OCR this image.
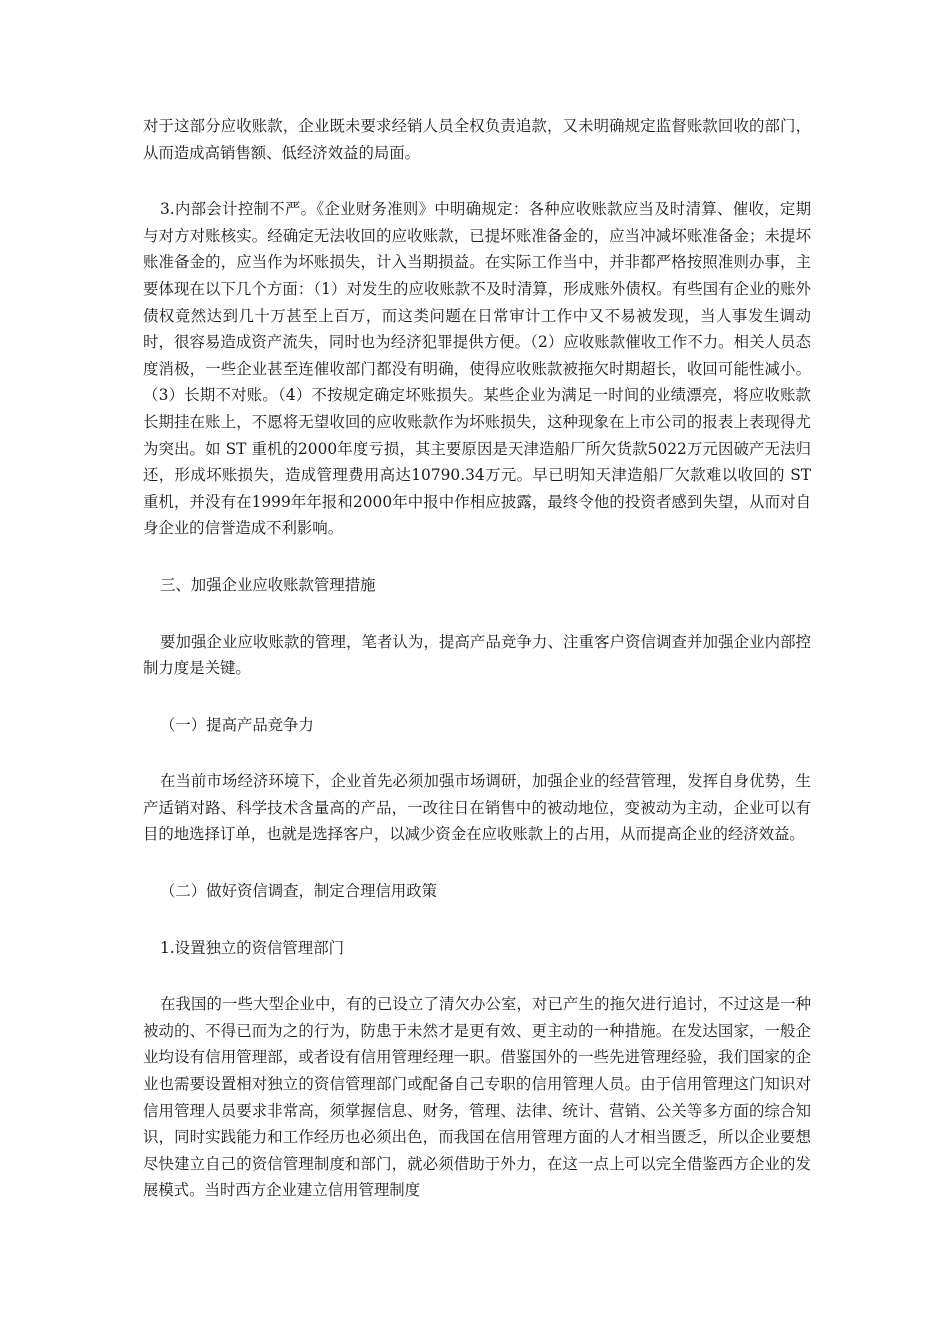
对于这部分应收账款，企业既未要求经销人员全权负责追款，又未明确规定监督账款回收的部门，从而造成高销售额、低经济效益的局面。

3.内部会计控制不严。《企业财务准则》中明确规定：各种应收账款应当及时清算、催收，定期与对方对账核实。经确定无法收回的应收账款，已提坏账准备金的，应当冲减坏账准备金；未提坏账准备金的，应当作为坏账损失，计入当期损益。在实际工作当中，并非都严格按照准则办事，主要体现在以下几个方面：（1）对发生的应收账款不及时清算，形成账外债权。有些国有企业的账外债权竟然达到几十万甚至上百万，而这类问题在日常审计工作中又不易被发现，当人事发生调动时，很容易造成资产流失，同时也为经济犯罪提供方便。（2）应收账款催收工作不力。相关人员态度消极，一些企业甚至连催收部门都没有明确，使得应收账款被拖欠时期超长，收回可能性减小。（3）长期不对账。（4）不按规定确定坏账损失。某些企业为满足一时间的业绩漂亮，将应收账款长期挂在账上，不愿将无望收回的应收账款作为坏账损失，这种现象在上市公司的报表上表现得尤为突出。如 ST 重机的2000年度亏损，其主要原因是天津造船厂所欠货款5022万元因破产无法归还，形成坏账损失，造成管理费用高达10790.34万元。早已明知天津造船厂欠款难以收回的 ST 重机，并没有在1999年年报和2000年中报中作相应披露，最终令他的投资者感到失望，从而对自身企业的信誉造成不利影响。

三、加强企业应收账款管理措施

要加强企业应收账款的管理，笔者认为，提高产品竞争力、注重客户资信调查并加强企业内部控制力度是关键。

（一）提高产品竞争力

在当前市场经济环境下，企业首先必须加强市场调研，加强企业的经营管理，发挥自身优势，生产适销对路、科学技术含量高的产品，一改往日在销售中的被动地位，变被动为主动，企业可以有目的地选择订单，也就是选择客户，以减少资金在应收账款上的占用，从而提高企业的经济效益。

（二）做好资信调查，制定合理信用政策

1.设置独立的资信管理部门

在我国的一些大型企业中，有的已设立了清欠办公室，对已产生的拖欠进行追讨，不过这是一种被动的、不得已而为之的行为，防患于未然才是更有效、更主动的一种措施。在发达国家，一般企业均设有信用管理部，或者设有信用管理经理一职。借鉴国外的一些先进管理经验，我们国家的企业也需要设置相对独立的资信管理部门或配备自己专职的信用管理人员。由于信用管理这门知识对信用管理人员要求非常高，须掌握信息、财务，管理、法律、统计、营销、公关等多方面的综合知识，同时实践能力和工作经历也必须出色，而我国在信用管理方面的人才相当匮乏，所以企业要想尽快建立自己的资信管理制度和部门，就必须借助于外力，在这一点上可以完全借鉴西方企业的发展模式。当时西方企业建立信用管理制度
